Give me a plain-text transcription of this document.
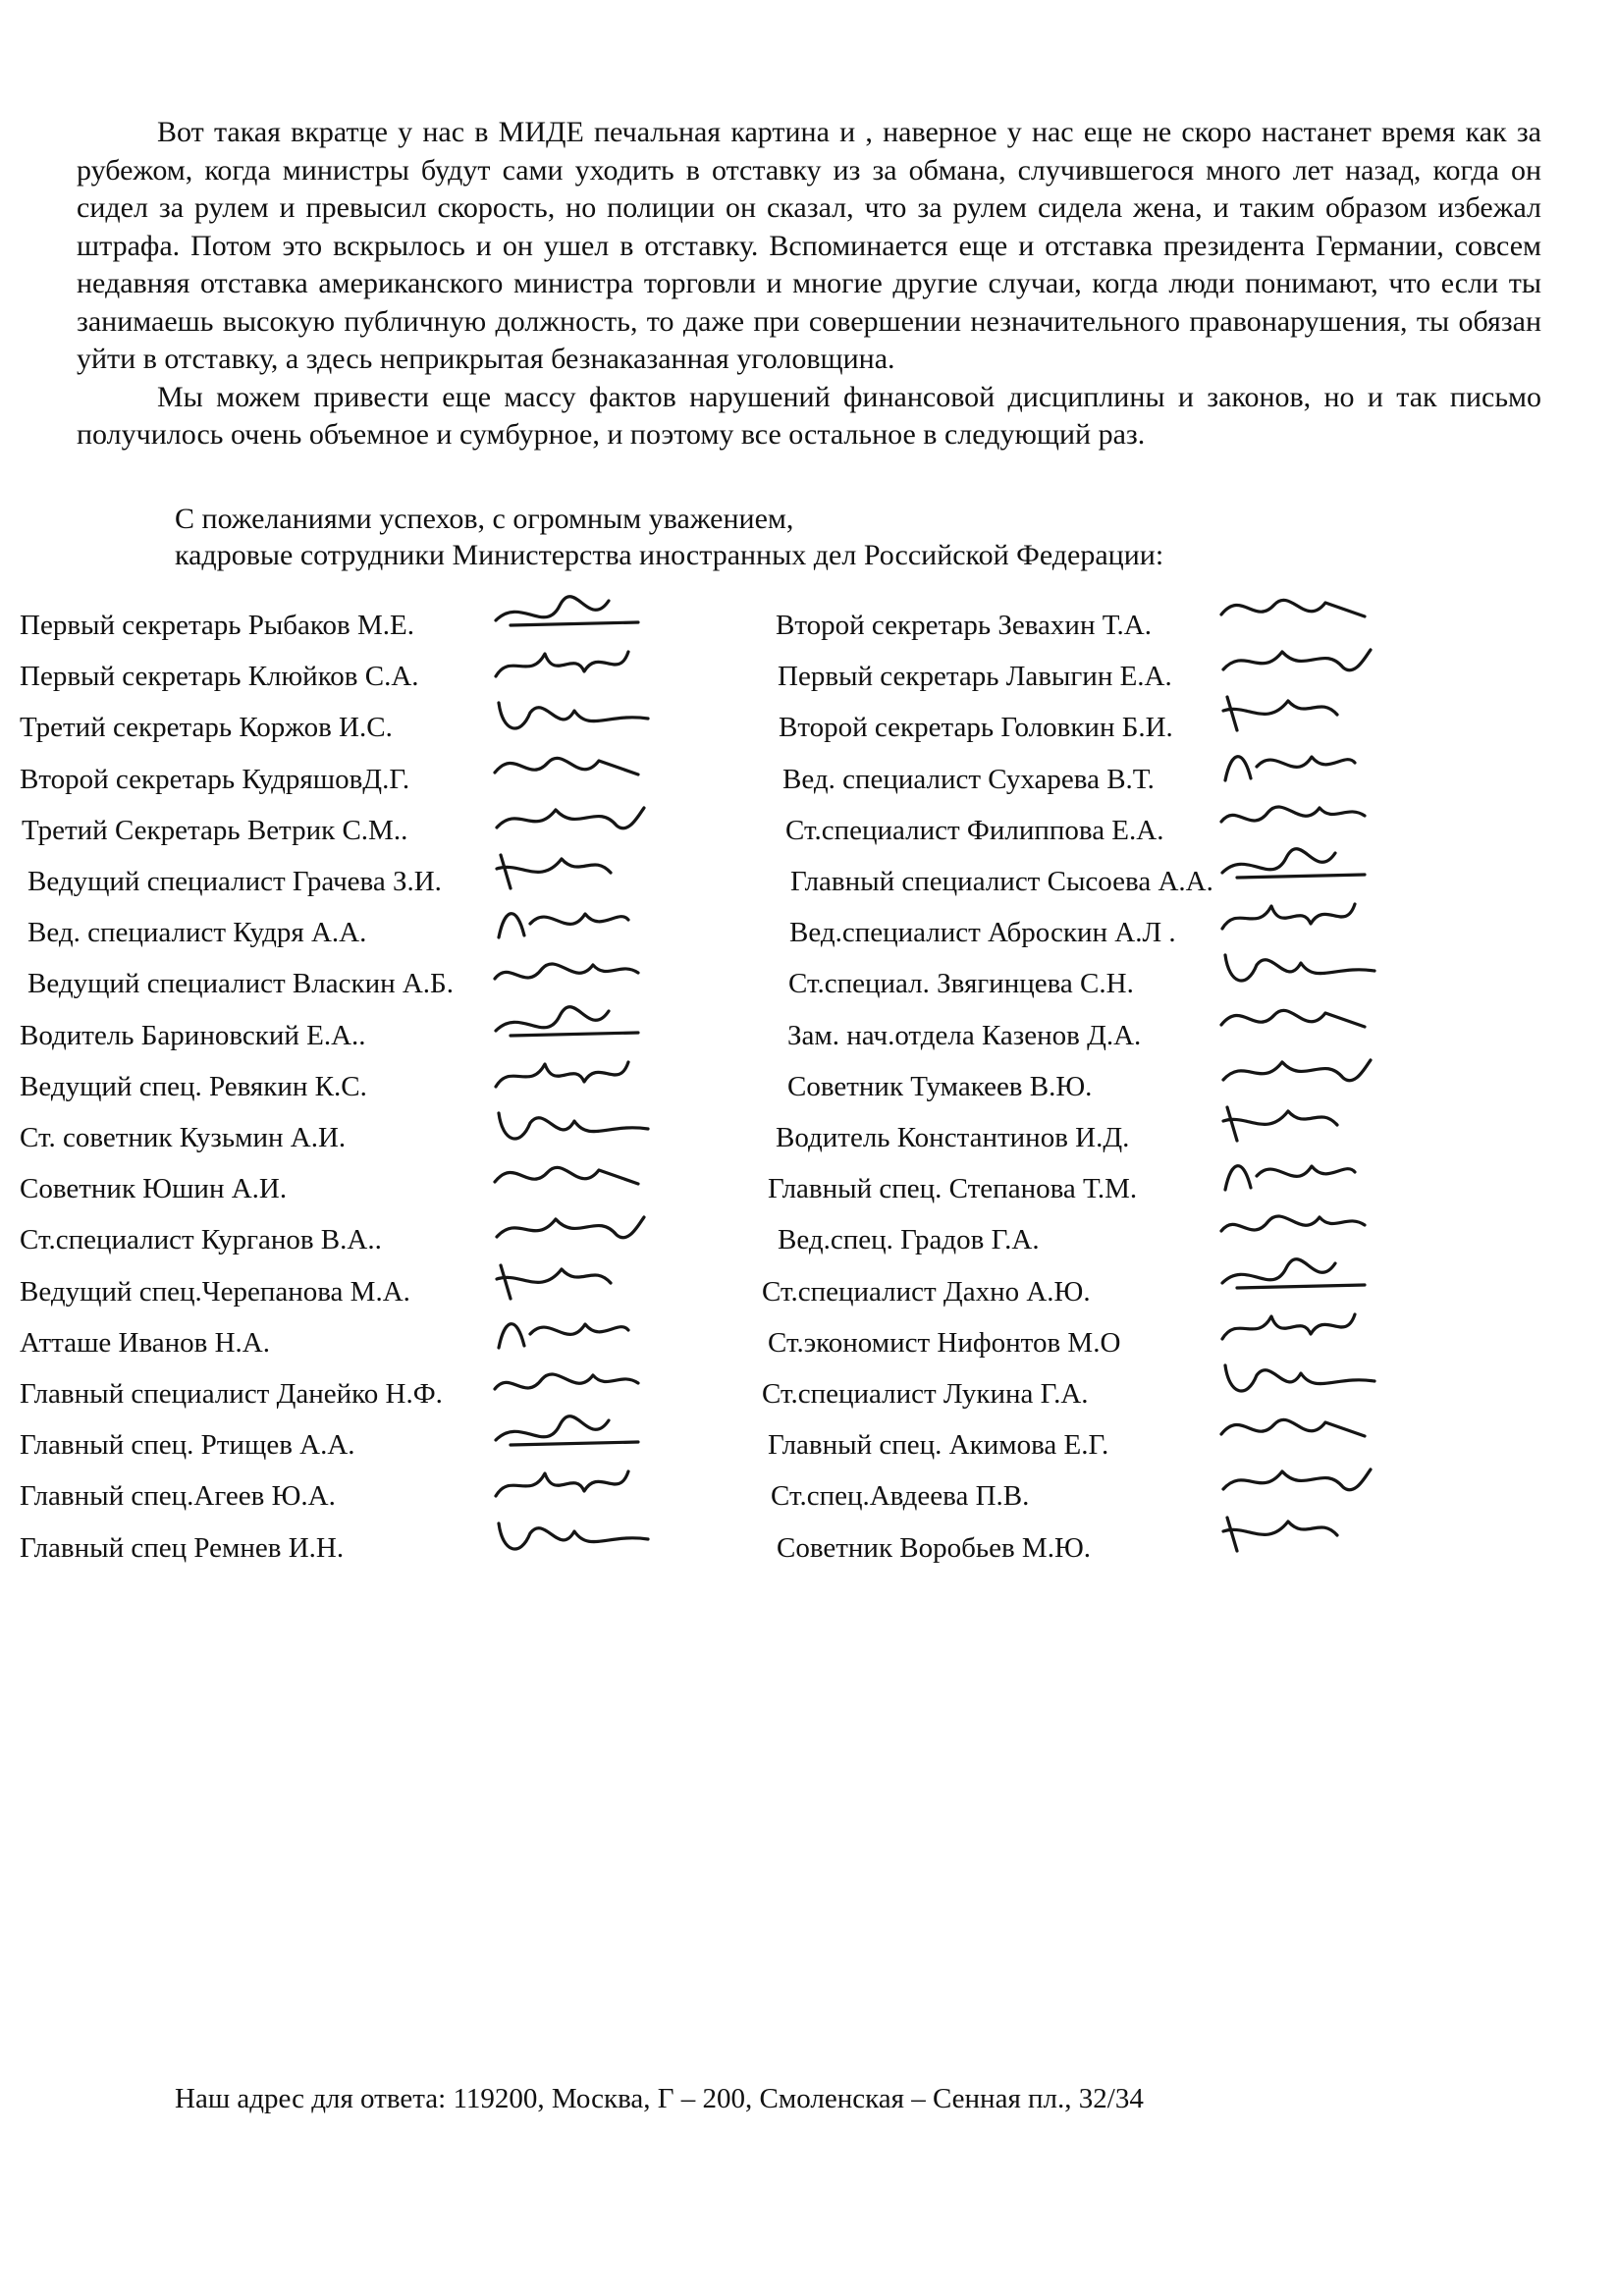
Вот такая вкратце у нас в МИДЕ печальная картина и , наверное у нас еще не скоро настанет время как за рубежом, когда министры будут сами уходить в отставку из за обмана, случившегося много лет назад, когда он сидел за рулем и превысил скорость, но полиции он сказал, что за рулем сидела жена, и таким образом избежал штрафа. Потом это вскрылось и он ушел в отставку. Вспоминается еще и отставка президента Германии, совсем недавняя отставка американского министра торговли и многие другие случаи, когда люди понимают, что если ты занимаешь высокую публичную должность, то даже при совершении незначительного правонарушения, ты обязан уйти в отставку, а здесь неприкрытая безнаказанная уголовщина.

Мы можем привести еще массу фактов нарушений финансовой дисциплины и законов, но и так письмо получилось очень объемное и сумбурное, и поэтому все остальное в следующий раз.

С пожеланиями успехов, с огромным уважением,
кадровые сотрудники Министерства иностранных дел Российской Федерации:
Первый секретарь Рыбаков М.Е.
Первый секретарь Клюйков С.А.
Третий секретарь Коржов И.С.
Второй секретарь КудряшовД.Г.
Третий Секретарь Ветрик С.М..
Ведущий специалист Грачева З.И.
Вед. специалист Кудря А.А.
Ведущий специалист Власкин А.Б.
Водитель Бариновский Е.А..
Ведущий спец. Ревякин К.С.
Ст. советник Кузьмин А.И.
Советник Юшин А.И.
Ст.специалист Курганов В.А..
Ведущий спец.Черепанова М.А.
Атташе Иванов Н.А.
Главный специалист Данейко Н.Ф.
Главный спец. Ртищев А.А.
Главный спец.Агеев Ю.А.
Главный спец Ремнев И.Н.
Второй секретарь Зевахин Т.А.
Первый секретарь Лавыгин Е.А.
Второй секретарь Головкин Б.И.
Вед. специалист Сухарева В.Т.
Ст.специалист Филиппова Е.А.
Главный специалист Сысоева А.А.
Вед.специалист Аброскин А.Л .
Ст.специал. Звягинцева С.Н.
Зам. нач.отдела Казенов Д.А.
Советник Тумакеев В.Ю.
Водитель Константинов И.Д.
Главный спец. Степанова Т.М.
Вед.спец. Градов Г.А.
Ст.специалист Дахно А.Ю.
Ст.экономист Нифонтов М.О
Ст.специалист Лукина Г.А.
Главный спец. Акимова Е.Г.
Ст.спец.Авдеева П.В.
Советник Воробьев М.Ю.
Наш адрес для ответа: 119200, Москва, Г – 200, Смоленская – Сенная пл., 32/34
